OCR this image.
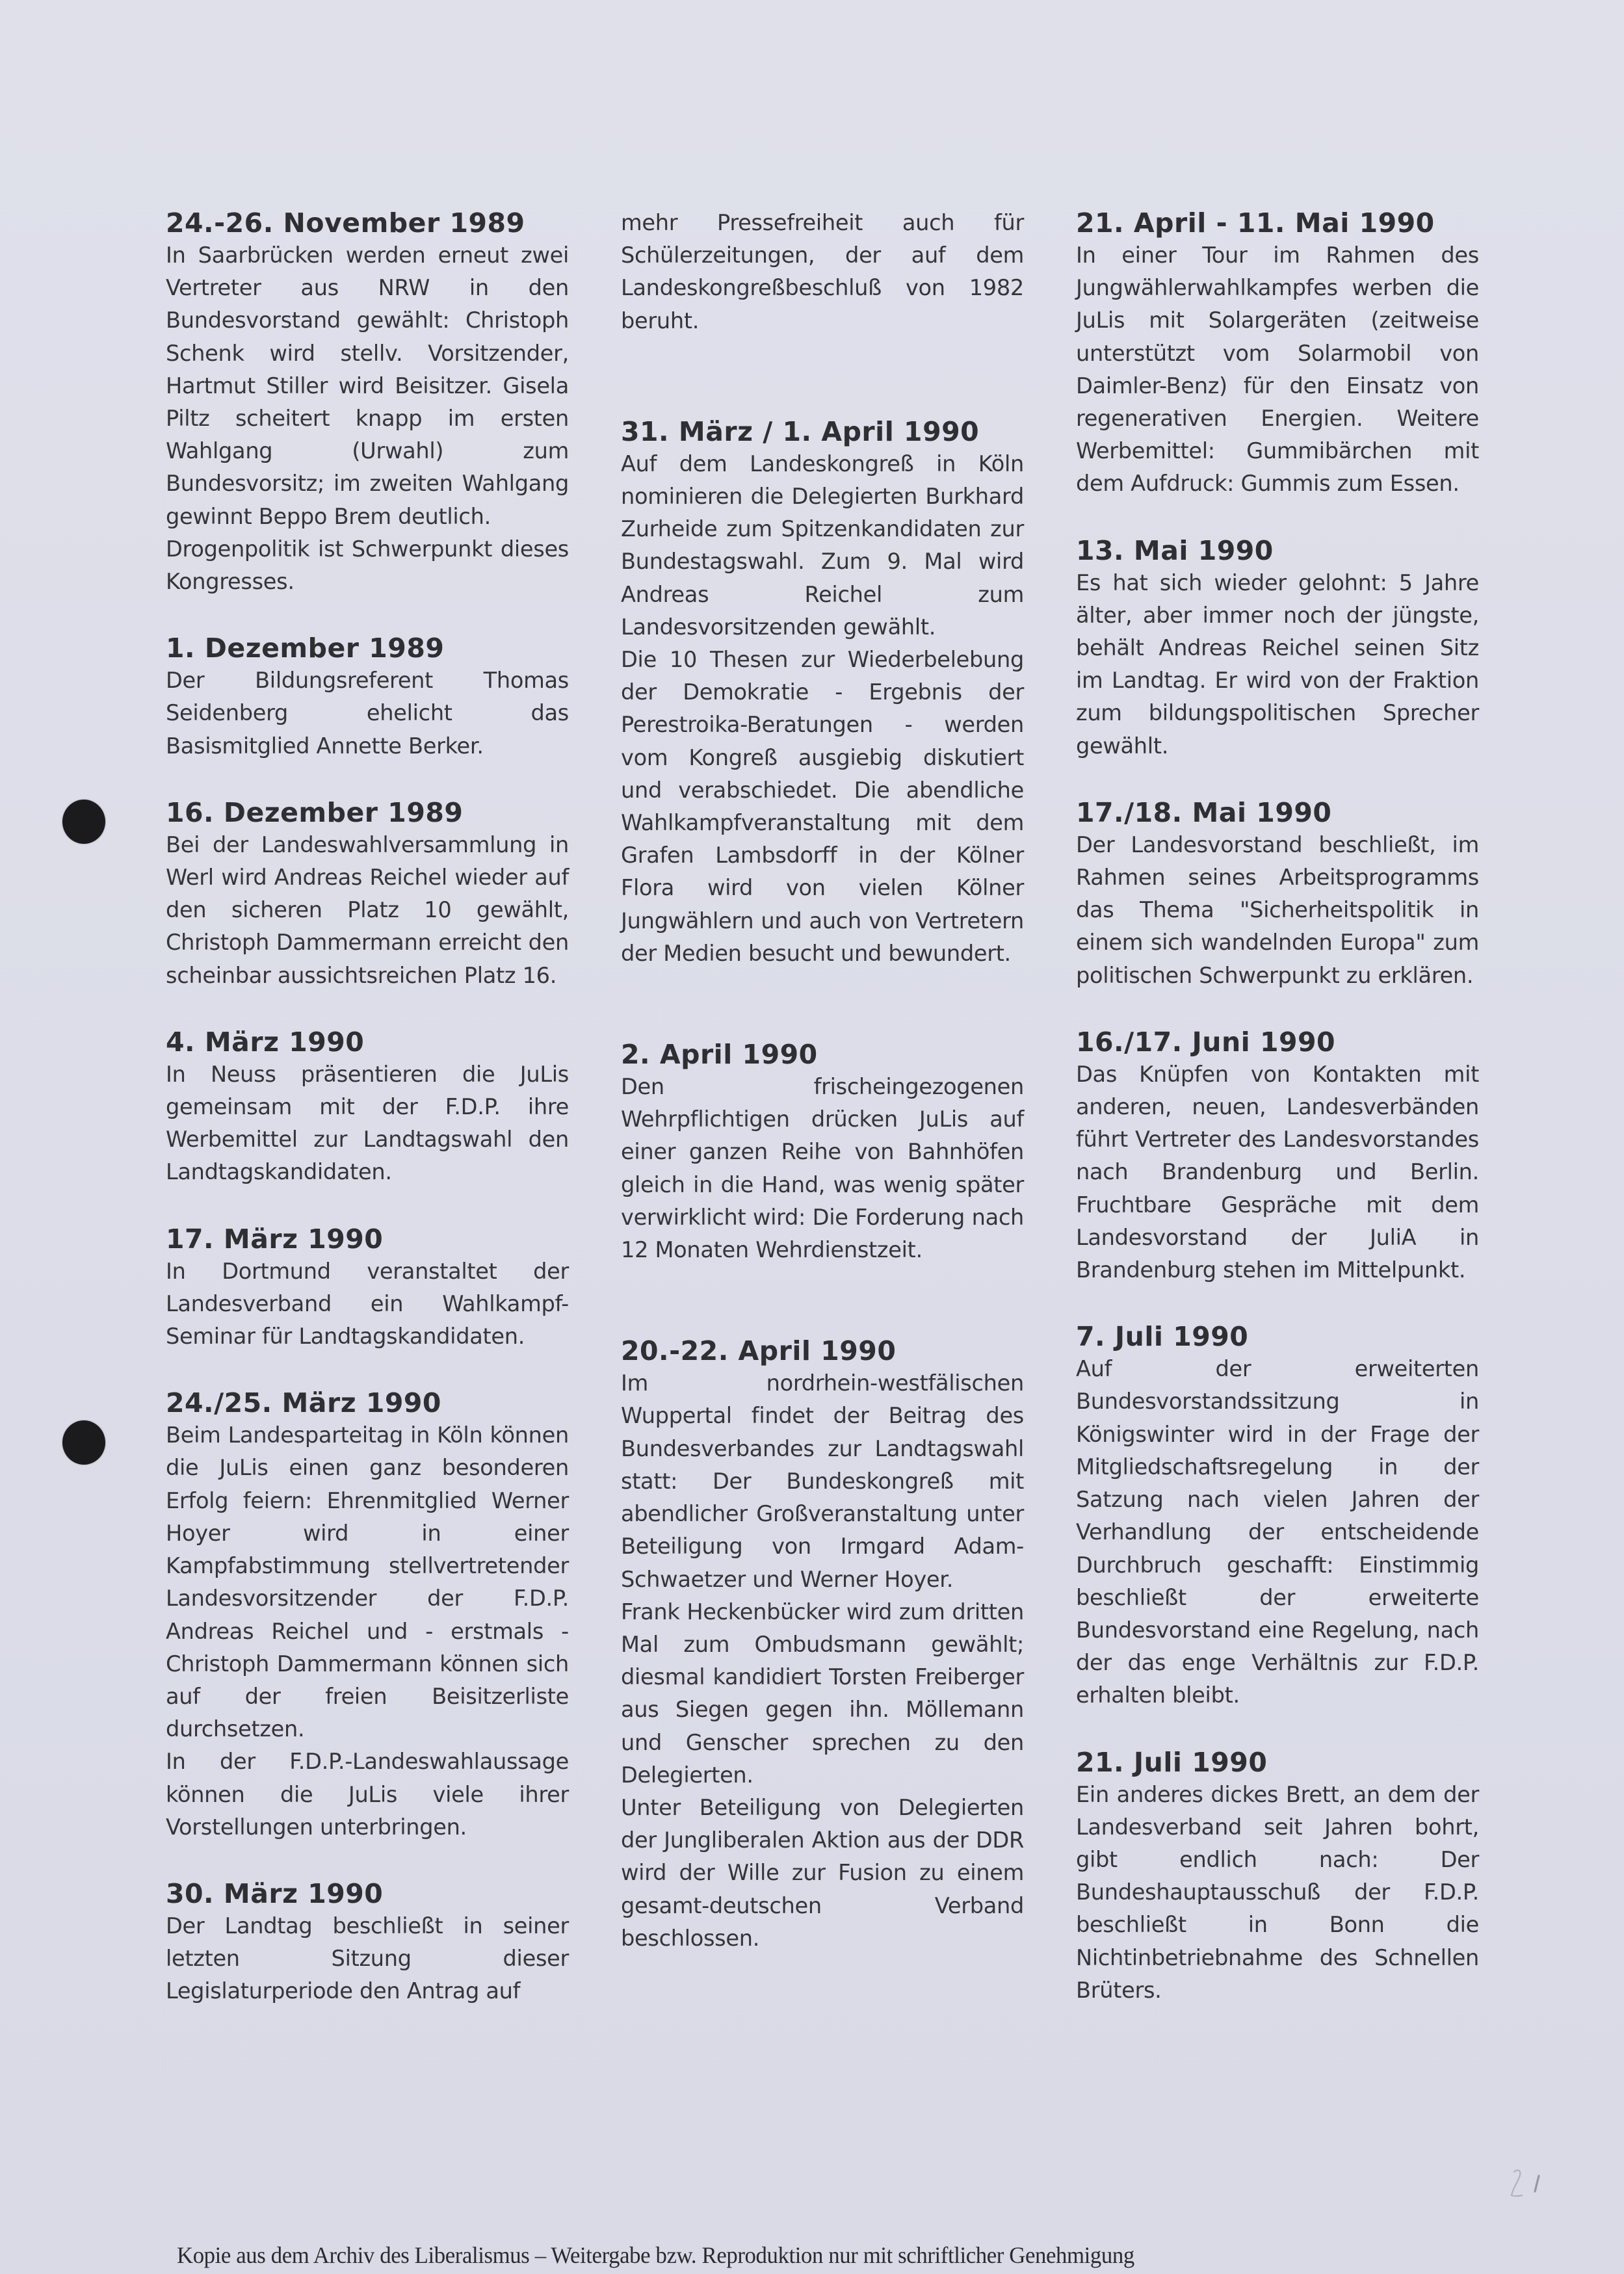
24.-26. November 1989

In Saarbrücken werden erneut zwei Vertreter aus NRW in den Bundesvorstand gewählt: Christoph Schenk wird stellv. Vorsitzender, Hartmut Stiller wird Beisitzer. Gisela Piltz scheitert knapp im ersten Wahlgang (Urwahl) zum Bundesvorsitz; im zweiten Wahlgang gewinnt Beppo Brem deutlich.

Drogenpolitik ist Schwerpunkt dieses Kongresses.

1. Dezember 1989

Der Bildungsreferent Thomas Seidenberg ehelicht das Basismitglied Annette Berker.

16. Dezember 1989

Bei der Landeswahlversammlung in Werl wird Andreas Reichel wieder auf den sicheren Platz 10 gewählt, Christoph Dammermann erreicht den scheinbar aussichtsreichen Platz 16.

4. März 1990

In Neuss präsentieren die JuLis gemeinsam mit der F.D.P. ihre Werbemittel zur Landtagswahl den Landtagskandidaten.

17. März 1990

In Dortmund veranstaltet der Landesverband ein Wahlkampf-Seminar für Landtagskandidaten.

24./25. März 1990

Beim Landesparteitag in Köln können die JuLis einen ganz besonderen Erfolg feiern: Ehrenmitglied Werner Hoyer wird in einer Kampfabstimmung stellvertretender Landesvorsitzender der F.D.P. Andreas Reichel und - erstmals - Christoph Dammermann können sich auf der freien Beisitzerliste durchsetzen.

In der F.D.P.-Landeswahlaussage können die JuLis viele ihrer Vorstellungen unterbringen.

30. März 1990

Der Landtag beschließt in seiner letzten Sitzung dieser Legislaturperiode den Antrag auf

mehr Pressefreiheit auch für Schülerzeitungen, der auf dem Landeskongreßbeschluß von 1982 beruht.

31. März / 1. April 1990

Auf dem Landeskongreß in Köln nominieren die Delegierten Burkhard Zurheide zum Spitzenkandidaten zur Bundestagswahl. Zum 9. Mal wird Andreas Reichel zum Landesvorsitzenden gewählt.

Die 10 Thesen zur Wiederbelebung der Demokratie - Ergebnis der Perestroika-Beratungen - werden vom Kongreß ausgiebig diskutiert und verabschiedet. Die abendliche Wahlkampfveranstaltung mit dem Grafen Lambsdorff in der Kölner Flora wird von vielen Kölner Jungwählern und auch von Vertretern der Medien besucht und bewundert.

2. April 1990

Den frischeingezogenen Wehrpflichtigen drücken JuLis auf einer ganzen Reihe von Bahnhöfen gleich in die Hand, was wenig später verwirklicht wird: Die Forderung nach 12 Monaten Wehrdienstzeit.

20.-22. April 1990

Im nordrhein-westfälischen Wuppertal findet der Beitrag des Bundesverbandes zur Landtagswahl statt: Der Bundeskongreß mit abendlicher Großveranstaltung unter Beteiligung von Irmgard Adam-Schwaetzer und Werner Hoyer.

Frank Heckenbücker wird zum dritten Mal zum Ombudsmann gewählt; diesmal kandidiert Torsten Freiberger aus Siegen gegen ihn. Möllemann und Genscher sprechen zu den Delegierten.

Unter Beteiligung von Delegierten der Jungliberalen Aktion aus der DDR wird der Wille zur Fusion zu einem gesamt-deutschen Verband beschlossen.

21. April - 11. Mai 1990

In einer Tour im Rahmen des Jungwählerwahlkampfes werben die JuLis mit Solargeräten (zeitweise unterstützt vom Solarmobil von Daimler-Benz) für den Einsatz von regenerativen Energien. Weitere Werbemittel: Gummibärchen mit dem Aufdruck: Gummis zum Essen.

13. Mai 1990

Es hat sich wieder gelohnt: 5 Jahre älter, aber immer noch der jüngste, behält Andreas Reichel seinen Sitz im Landtag. Er wird von der Fraktion zum bildungspolitischen Sprecher gewählt.

17./18. Mai 1990

Der Landesvorstand beschließt, im Rahmen seines Arbeitsprogramms das Thema "Sicherheitspolitik in einem sich wandelnden Europa" zum politischen Schwerpunkt zu erklären.

16./17. Juni 1990

Das Knüpfen von Kontakten mit anderen, neuen, Landesverbänden führt Vertreter des Landesvorstandes nach Brandenburg und Berlin. Fruchtbare Gespräche mit dem Landesvorstand der JuliA in Brandenburg stehen im Mittelpunkt.

7. Juli 1990

Auf der erweiterten Bundesvorstandssitzung in Königswinter wird in der Frage der Mitgliedschaftsregelung in der Satzung nach vielen Jahren der Verhandlung der entscheidende Durchbruch geschafft: Einstimmig beschließt der erweiterte Bundesvorstand eine Regelung, nach der das enge Verhältnis zur F.D.P. erhalten bleibt.

21. Juli 1990

Ein anderes dickes Brett, an dem der Landesverband seit Jahren bohrt, gibt endlich nach: Der Bundeshauptausschuß der F.D.P. beschließt in Bonn die Nichtinbetriebnahme des Schnellen Brüters.

Kopie aus dem Archiv des Liberalismus – Weitergabe bzw. Reproduktion nur mit schriftlicher Genehmigung
